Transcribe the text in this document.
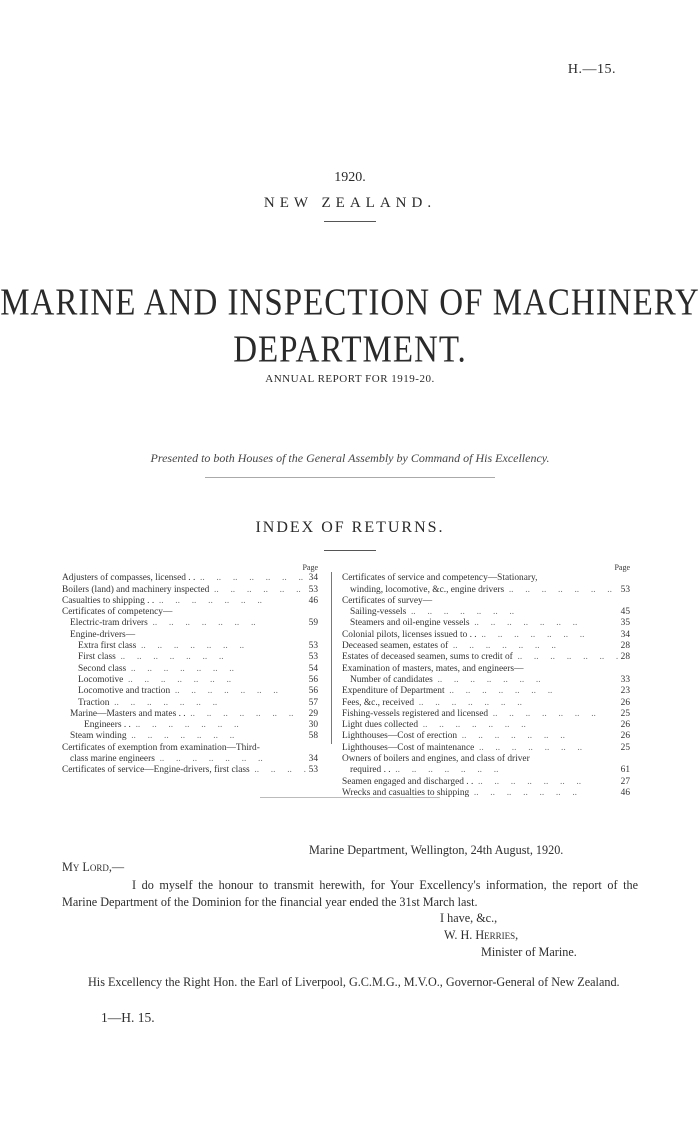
H.—15.
1920.
NEW ZEALAND.
MARINE AND INSPECTION OF MACHINERY
DEPARTMENT.
ANNUAL REPORT FOR 1919-20.
Presented to both Houses of the General Assembly by Command of His Excellency.
INDEX OF RETURNS.
Page
Adjusters of compasses, licensed . . ..	34
Boilers (land) and machinery inspected ..	53
Casualties to shipping . . ..	46
Certificates of competency—
Electric-tram drivers ..	59
Engine-drivers—
Extra first class ..	53
First class ..	53
Second class ..	54
Locomotive ..	56
Locomotive and traction ..	56
Traction ..	57
Marine—Masters and mates . . ..	29
Engineers . . ..	30
Steam winding ..	58
Certificates of exemption from examination—Third-
class marine engineers ..	34
Certificates of service—Engine-drivers, first class ..	53
Page
Certificates of service and competency—Stationary,
winding, locomotive, &c., engine drivers ..	53
Certificates of survey—
Sailing-vessels ..	45
Steamers and oil-engine vessels ..	35
Colonial pilots, licenses issued to . . ..	34
Deceased seamen, estates of ..	28
Estates of deceased seamen, sums to credit of ..	28
Examination of masters, mates, and engineers—
Number of candidates ..	33
Expenditure of Department ..	23
Fees, &c., received ..	26
Fishing-vessels registered and licensed ..	25
Light dues collected ..	26
Lighthouses—Cost of erection ..	26
Lighthouses—Cost of maintenance ..	25
Owners of boilers and engines, and class of driver
required . . ..	61
Seamen engaged and discharged . . ..	27
Wrecks and casualties to shipping ..	46
Marine Department, Wellington, 24th August, 1920.
My Lord,—
I do myself the honour to transmit herewith, for Your Excellency's information, the report of the Marine Department of the Dominion for the financial year ended the 31st March last.
I have, &c.,
W. H. Herries,
Minister of Marine.
His Excellency the Right Hon. the Earl of Liverpool, G.C.M.G., M.V.O., Governor-General of New Zealand.
1—H. 15.
